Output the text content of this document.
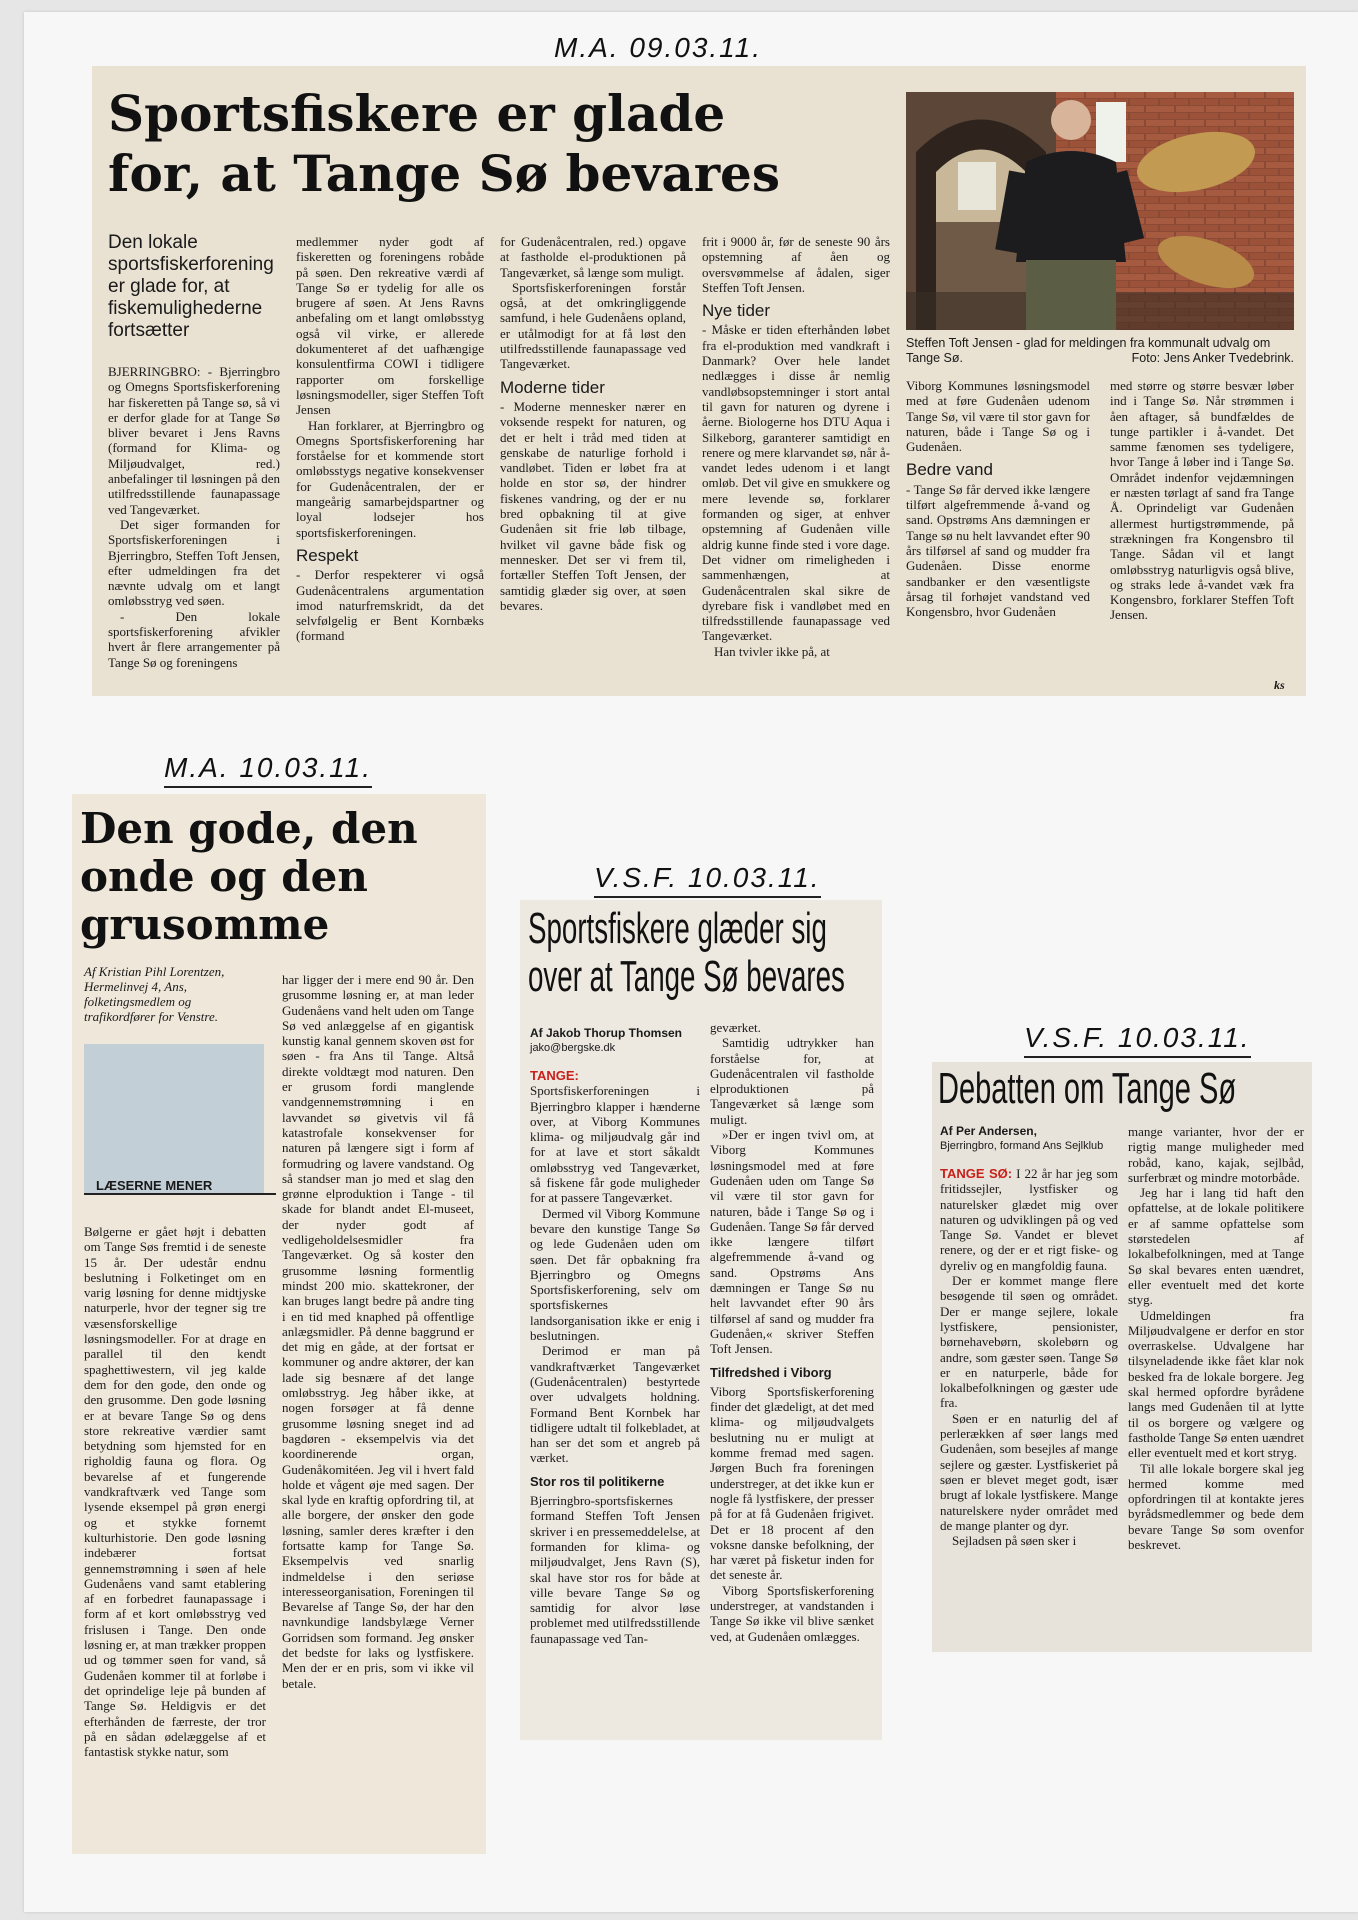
M.A. 09.03.11.
Sportsfiskere er glade
for, at Tange Sø bevares
Den lokale sportsfiskerforening er glade for, at fiskemulighederne fortsætter

BJERRINGBRO: - Bjerringbro og Omegns Sportsfiskerforening har fiskeretten på Tange sø, så vi er derfor glade for at Tange Sø bliver bevaret i Jens Ravns (formand for Klima- og Miljøudvalget, red.) anbefalinger til løsningen på den utilfredsstillende faunapassage ved Tangeværket.

Det siger formanden for Sportsfiskerforeningen i Bjerringbro, Steffen Toft Jensen, efter udmeldingen fra det nævnte udvalg om et langt omløbsstryg ved søen.

- Den lokale sportsfiskerforening afvikler hvert år flere arrangementer på Tange Sø og foreningens

medlemmer nyder godt af fiskeretten og foreningens robåde på søen. Den rekreative værdi af Tange Sø er tydelig for alle os brugere af søen. At Jens Ravns anbefaling om et langt omløbsstyg også vil virke, er allerede dokumenteret af det uafhængige konsulentfirma COWI i tidligere rapporter om forskellige løsningsmodeller, siger Steffen Toft Jensen

Han forklarer, at Bjerringbro og Omegns Sportsfiskerforening har forståelse for et kommende stort omløbsstygs negative konsekvenser for Gudenåcentralen, der er mangeårig samarbejdspartner og loyal lodsejer hos sportsfiskerforeningen.

Respekt

- Derfor respekterer vi også Gudenåcentralens argumentation imod naturfremskridt, da det selvfølgelig er Bent Kornbæks (formand

for Gudenåcentralen, red.) opgave at fastholde el-produktionen på Tangeværket, så længe som muligt.

Sportsfiskerforeningen forstår også, at det omkringliggende samfund, i hele Gudenåens opland, er utålmodigt for at få løst den utilfredsstillende faunapassage ved Tangeværket.

Moderne tider

- Moderne mennesker nærer en voksende respekt for naturen, og det er helt i tråd med tiden at genskabe de naturlige forhold i vandløbet. Tiden er løbet fra at holde en stor sø, der hindrer fiskenes vandring, og der er nu bred opbakning til at give Gudenåen sit frie løb tilbage, hvilket vil gavne både fisk og mennesker. Det ser vi frem til, fortæller Steffen Toft Jensen, der samtidig glæder sig over, at søen bevares.

frit i 9000 år, før de seneste 90 års opstemning af åen og oversvømmelse af ådalen, siger Steffen Toft Jensen.

Nye tider

- Måske er tiden efterhånden løbet fra el-produktion med vandkraft i Danmark? Over hele landet nedlægges i disse år nemlig vandløbsopstemninger i stort antal til gavn for naturen og dyrene i åerne. Biologerne hos DTU Aqua i Silkeborg, garanterer samtidigt en renere og mere klarvandet sø, når å-vandet ledes udenom i et langt omløb. Det vil give en smukkere og mere levende sø, forklarer formanden og siger, at enhver opstemning af Gudenåen ville aldrig kunne finde sted i vore dage. Det vidner om rimeligheden i sammenhængen, at Gudenåcentralen skal sikre de dyrebare fisk i vandløbet med en tilfredsstillende faunapassage ved Tangeværket.

Han tvivler ikke på, at

Steffen Toft Jensen - glad for meldingen fra kommunalt udvalg om Tange Sø.	Foto: Jens Anker Tvedebrink.

Viborg Kommunes løsningsmodel med at føre Gudenåen udenom Tange Sø, vil være til stor gavn for naturen, både i Tange Sø og i Gudenåen.

Bedre vand

- Tange Sø får derved ikke længere tilført algefremmende å-vand og sand. Opstrøms Ans dæmningen er Tange sø nu helt lavvandet efter 90 års tilførsel af sand og mudder fra Gudenåen. Disse enorme sandbanker er den væsentligste årsag til forhøjet vandstand ved Kongensbro, hvor Gudenåen

med større og større besvær løber ind i Tange Sø. Når strømmen i åen aftager, så bundfældes de tunge partikler i å-vandet. Det samme fænomen ses tydeligere, hvor Tange å løber ind i Tange Sø. Området indenfor vejdæmningen er næsten tørlagt af sand fra Tange Å. Oprindeligt var Gudenåen allermest hurtigstrømmende, på strækningen fra Kongensbro til Tange. Sådan vil et langt omløbsstryg naturligvis også blive, og straks lede å-vandet væk fra Kongensbro, forklarer Steffen Toft Jensen.

ks
M.A. 10.03.11.
Den gode, den
onde og den
grusomme
Af Kristian Pihl Lorentzen, Hermelinvej 4, Ans, folketingsmedlem og trafikordfører for Venstre.
LÆSERNE MENER

Bølgerne er gået højt i debatten om Tange Søs fremtid i de seneste 15 år. Der udestår endnu beslutning i Folketinget om en varig løsning for denne midtjyske naturperle, hvor der tegner sig tre væsensforskellige løsningsmodeller. For at drage en parallel til den kendt spaghettiwestern, vil jeg kalde dem for den gode, den onde og den grusomme. Den gode løsning er at bevare Tange Sø og dens store rekreative værdier samt betydning som hjemsted for en righoldig fauna og flora. Og bevarelse af et fungerende vandkraftværk ved Tange som lysende eksempel på grøn energi og et stykke fornemt kulturhistorie. Den gode løsning indebærer fortsat gennemstrømning i søen af hele Gudenåens vand samt etablering af en forbedret faunapassage i form af et kort omløbsstryg ved frislusen i Tange. Den onde løsning er, at man trækker proppen ud og tømmer søen for vand, så Gudenåen kommer til at forløbe i det oprindelige leje på bunden af Tange Sø. Heldigvis er det efterhånden de færreste, der tror på en sådan ødelæggelse af et fantastisk stykke natur, som

har ligger der i mere end 90 år. Den grusomme løsning er, at man leder Gudenåens vand helt uden om Tange Sø ved anlæggelse af en gigantisk kunstig kanal gennem skoven øst for søen - fra Ans til Tange. Altså direkte voldtægt mod naturen. Den er grusom fordi manglende vandgennemstrømning i en lavvandet sø givetvis vil få katastrofale konsekvenser for naturen på længere sigt i form af formudring og lavere vandstand. Og så standser man jo med et slag den grønne elproduktion i Tange - til skade for blandt andet El-museet, der nyder godt af vedligeholdelsesmidler fra Tangeværket. Og så koster den grusomme løsning formentlig mindst 200 mio. skattekroner, der kan bruges langt bedre på andre ting i en tid med knaphed på offentlige anlægsmidler. På denne baggrund er det mig en gåde, at der fortsat er kommuner og andre aktører, der kan lade sig besnære af det lange omløbsstryg. Jeg håber ikke, at nogen forsøger at få denne grusomme løsning sneget ind ad bagdøren - eksempelvis via det koordinerende organ, Gudenåkomitéen. Jeg vil i hvert fald holde et vågent øje med sagen. Der skal lyde en kraftig opfordring til, at alle borgere, der ønsker den gode løsning, samler deres kræfter i den fortsatte kamp for Tange Sø. Eksempelvis ved snarlig indmeldelse i den seriøse interesseorganisation, Foreningen til Bevarelse af Tange Sø, der har den navnkundige landsbylæge Verner Gorridsen som formand. Jeg ønsker det bedste for laks og lystfiskere. Men der er en pris, som vi ikke vil betale.

V.S.F. 10.03.11.
Sportsfiskere glæder sig
over at Tange Sø bevares
Af Jakob Thorup Thomsen
jako@bergske.dk

TANGE: Sportsfiskerforeningen i Bjerringbro klapper i hænderne over, at Viborg Kommunes klima- og miljøudvalg går ind for at lave et stort såkaldt omløbsstryg ved Tangeværket, så fiskene får gode muligheder for at passere Tangeværket.

Dermed vil Viborg Kommune bevare den kunstige Tange Sø og lede Gudenåen uden om søen. Det får opbakning fra Bjerringbro og Omegns Sportsfiskerforening, selv om sportsfiskernes landsorganisation ikke er enig i beslutningen.

Derimod er man på vandkraftværket Tangeværket (Gudenåcentralen) bestyrtede over udvalgets holdning. Formand Bent Kornbek har tidligere udtalt til folkebladet, at han ser det som et angreb på værket.

Stor ros til politikerne

Bjerringbro-sportsfiskernes formand Steffen Toft Jensen skriver i en pressemeddelelse, at formanden for klima- og miljøudvalget, Jens Ravn (S), skal have stor ros for både at ville bevare Tange Sø og samtidig for alvor løse problemet med utilfredsstillende faunapassage ved Tan-

geværket.

Samtidig udtrykker han forståelse for, at Gudenåcentralen vil fastholde elproduktionen på Tangeværket så længe som muligt.

»Der er ingen tvivl om, at Viborg Kommunes løsningsmodel med at føre Gudenåen uden om Tange Sø vil være til stor gavn for naturen, både i Tange Sø og i Gudenåen. Tange Sø får derved ikke længere tilført algefremmende å-vand og sand. Opstrøms Ans dæmningen er Tange Sø nu helt lavvandet efter 90 års tilførsel af sand og mudder fra Gudenåen,« skriver Steffen Toft Jensen.

Tilfredshed i Viborg

Viborg Sportsfiskerforening finder det glædeligt, at det med klima- og miljøudvalgets beslutning nu er muligt at komme fremad med sagen. Jørgen Buch fra foreningen understreger, at det ikke kun er nogle få lystfiskere, der presser på for at få Gudenåen frigivet. Det er 18 procent af den voksne danske befolkning, der har været på fisketur inden for det seneste år.

Viborg Sportsfiskerforening understreger, at vandstanden i Tange Sø ikke vil blive sænket ved, at Gudenåen omlægges.

V.S.F. 10.03.11.
Debatten om Tange Sø
Af Per Andersen,
Bjerringbro, formand Ans Sejlklub

TANGE SØ: I 22 år har jeg som fritidssejler, lystfisker og naturelsker glædet mig over naturen og udviklingen på og ved Tange Sø. Vandet er blevet renere, og der er et rigt fiske- og dyreliv og en mangfoldig fauna.

Der er kommet mange flere besøgende til søen og området. Der er mange sejlere, lokale lystfiskere, pensionister, børnehavebørn, skolebørn og andre, som gæster søen. Tange Sø er en naturperle, både for lokalbefolkningen og gæster ude fra.

Søen er en naturlig del af perlerækken af søer langs med Gudenåen, som besejles af mange sejlere og gæster. Lystfiskeriet på søen er blevet meget godt, især brugt af lokale lystfiskere. Mange naturelskere nyder området med de mange planter og dyr.

Sejladsen på søen sker i

mange varianter, hvor der er rigtig mange muligheder med robåd, kano, kajak, sejlbåd, surferbræt og mindre motorbåde.

Jeg har i lang tid haft den opfattelse, at de lokale politikere er af samme opfattelse som størstedelen af lokalbefolkningen, med at Tange Sø skal bevares enten uændret, eller eventuelt med det korte styg.

Udmeldingen fra Miljøudvalgene er derfor en stor overraskelse. Udvalgene har tilsyneladende ikke fået klar nok besked fra de lokale borgere. Jeg skal hermed opfordre byrådene langs med Gudenåen til at lytte til os borgere og vælgere og fastholde Tange Sø enten uændret eller eventuelt med et kort stryg.

Til alle lokale borgere skal jeg hermed komme med opfordringen til at kontakte jeres byrådsmedlemmer og bede dem bevare Tange Sø som ovenfor beskrevet.
